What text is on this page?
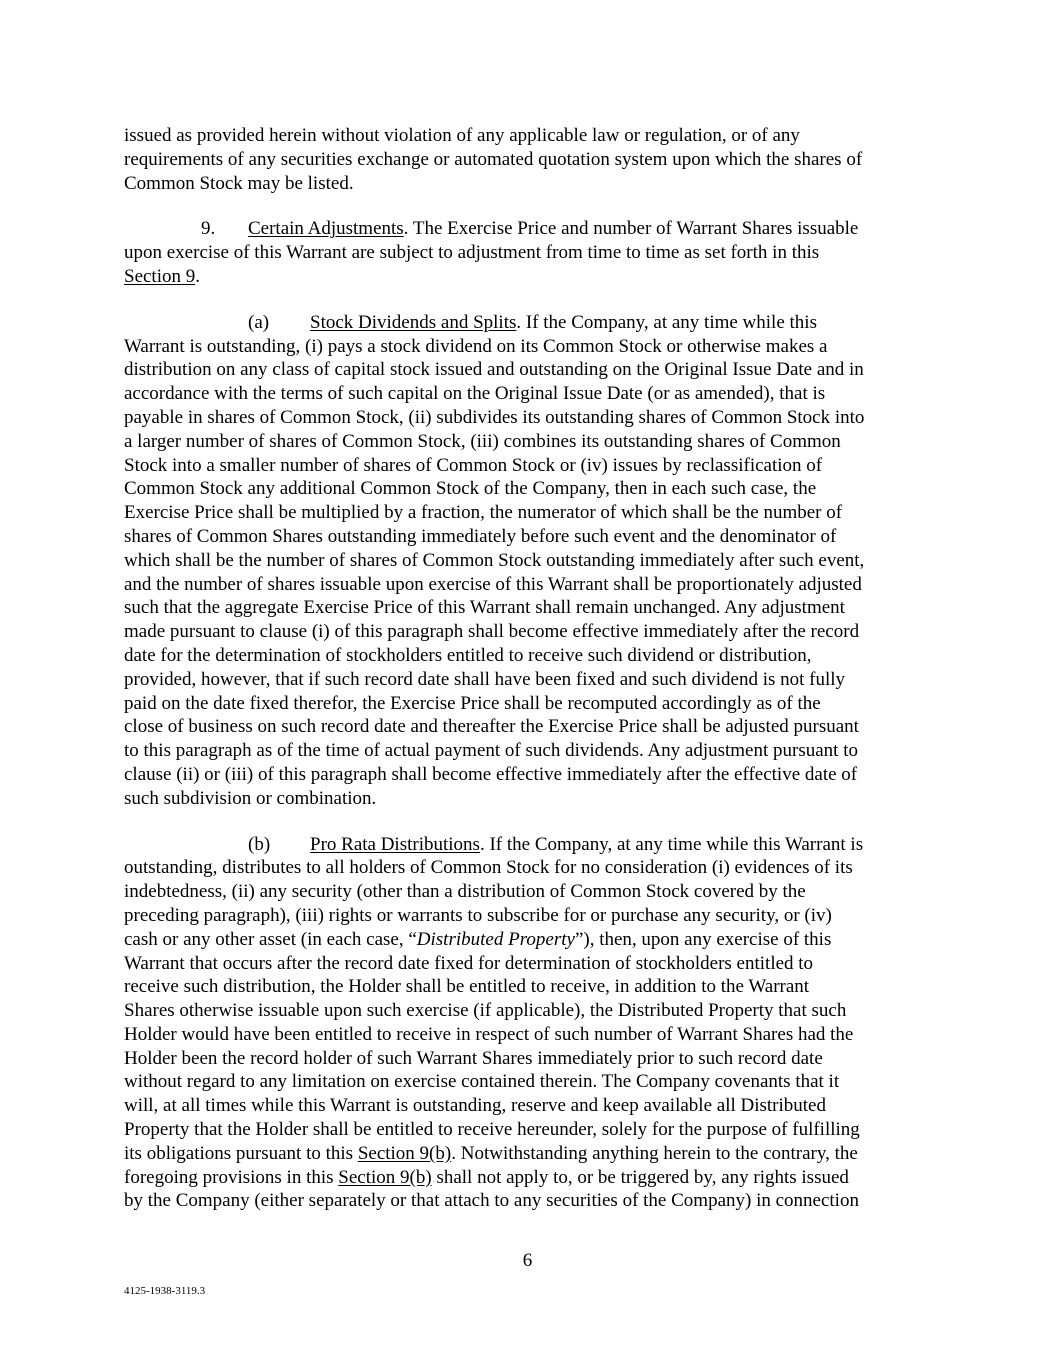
issued as provided herein without violation of any applicable law or regulation, or of any
requirements of any securities exchange or automated quotation system upon which the shares of
Common Stock may be listed.

9. Certain Adjustments. The Exercise Price and number of Warrant Shares issuable
upon exercise of this Warrant are subject to adjustment from time to time as set forth in this
Section 9.

(a) Stock Dividends and Splits. If the Company, at any time while this
Warrant is outstanding, (i) pays a stock dividend on its Common Stock or otherwise makes a
distribution on any class of capital stock issued and outstanding on the Original Issue Date and in
accordance with the terms of such capital on the Original Issue Date (or as amended), that is
payable in shares of Common Stock, (ii) subdivides its outstanding shares of Common Stock into
a larger number of shares of Common Stock, (iii) combines its outstanding shares of Common
Stock into a smaller number of shares of Common Stock or (iv) issues by reclassification of
Common Stock any additional Common Stock of the Company, then in each such case, the
Exercise Price shall be multiplied by a fraction, the numerator of which shall be the number of
shares of Common Shares outstanding immediately before such event and the denominator of
which shall be the number of shares of Common Stock outstanding immediately after such event,
and the number of shares issuable upon exercise of this Warrant shall be proportionately adjusted
such that the aggregate Exercise Price of this Warrant shall remain unchanged. Any adjustment
made pursuant to clause (i) of this paragraph shall become effective immediately after the record
date for the determination of stockholders entitled to receive such dividend or distribution,
provided, however, that if such record date shall have been fixed and such dividend is not fully
paid on the date fixed therefor, the Exercise Price shall be recomputed accordingly as of the
close of business on such record date and thereafter the Exercise Price shall be adjusted pursuant
to this paragraph as of the time of actual payment of such dividends. Any adjustment pursuant to
clause (ii) or (iii) of this paragraph shall become effective immediately after the effective date of
such subdivision or combination.

(b) Pro Rata Distributions. If the Company, at any time while this Warrant is
outstanding, distributes to all holders of Common Stock for no consideration (i) evidences of its
indebtedness, (ii) any security (other than a distribution of Common Stock covered by the
preceding paragraph), (iii) rights or warrants to subscribe for or purchase any security, or (iv)
cash or any other asset (in each case, “Distributed Property”), then, upon any exercise of this
Warrant that occurs after the record date fixed for determination of stockholders entitled to
receive such distribution, the Holder shall be entitled to receive, in addition to the Warrant
Shares otherwise issuable upon such exercise (if applicable), the Distributed Property that such
Holder would have been entitled to receive in respect of such number of Warrant Shares had the
Holder been the record holder of such Warrant Shares immediately prior to such record date
without regard to any limitation on exercise contained therein. The Company covenants that it
will, at all times while this Warrant is outstanding, reserve and keep available all Distributed
Property that the Holder shall be entitled to receive hereunder, solely for the purpose of fulfilling
its obligations pursuant to this Section 9(b). Notwithstanding anything herein to the contrary, the
foregoing provisions in this Section 9(b) shall not apply to, or be triggered by, any rights issued
by the Company (either separately or that attach to any securities of the Company) in connection

6
4125-1938-3119.3
